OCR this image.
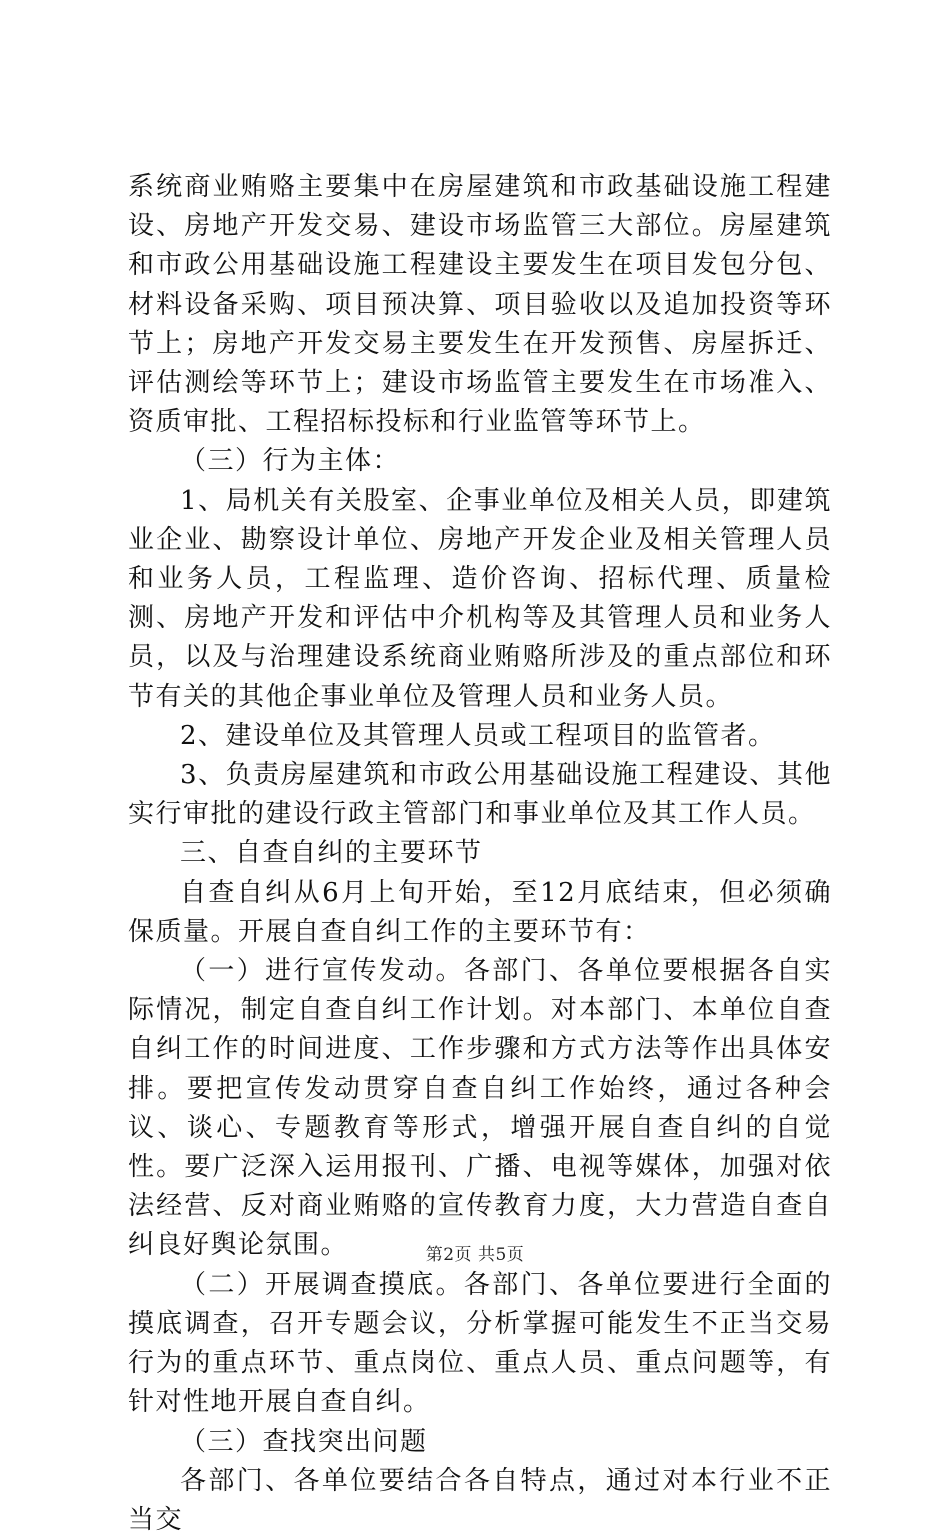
系统商业贿赂主要集中在房屋建筑和市政基础设施工程建设、房地产开发交易、建设市场监管三大部位。房屋建筑和市政公用基础设施工程建设主要发生在项目发包分包、材料设备采购、项目预决算、项目验收以及追加投资等环节上；房地产开发交易主要发生在开发预售、房屋拆迁、评估测绘等环节上；建设市场监管主要发生在市场准入、资质审批、工程招标投标和行业监管等环节上。

（三）行为主体：

1、局机关有关股室、企事业单位及相关人员，即建筑业企业、勘察设计单位、房地产开发企业及相关管理人员和业务人员，工程监理、造价咨询、招标代理、质量检测、房地产开发和评估中介机构等及其管理人员和业务人员，以及与治理建设系统商业贿赂所涉及的重点部位和环节有关的其他企事业单位及管理人员和业务人员。

2、建设单位及其管理人员或工程项目的监管者。

3、负责房屋建筑和市政公用基础设施工程建设、其他实行审批的建设行政主管部门和事业单位及其工作人员。

三、自查自纠的主要环节

自查自纠从6月上旬开始，至12月底结束，但必须确保质量。开展自查自纠工作的主要环节有：

（一）进行宣传发动。各部门、各单位要根据各自实际情况，制定自查自纠工作计划。对本部门、本单位自查自纠工作的时间进度、工作步骤和方式方法等作出具体安排。要把宣传发动贯穿自查自纠工作始终，通过各种会议、谈心、专题教育等形式，增强开展自查自纠的自觉性。要广泛深入运用报刊、广播、电视等媒体，加强对依法经营、反对商业贿赂的宣传教育力度，大力营造自查自纠良好舆论氛围。

（二）开展调查摸底。各部门、各单位要进行全面的摸底调查，召开专题会议，分析掌握可能发生不正当交易行为的重点环节、重点岗位、重点人员、重点问题等，有针对性地开展自查自纠。

（三）查找突出问题

各部门、各单位要结合各自特点，通过对本行业不正当交

第2页 共5页
